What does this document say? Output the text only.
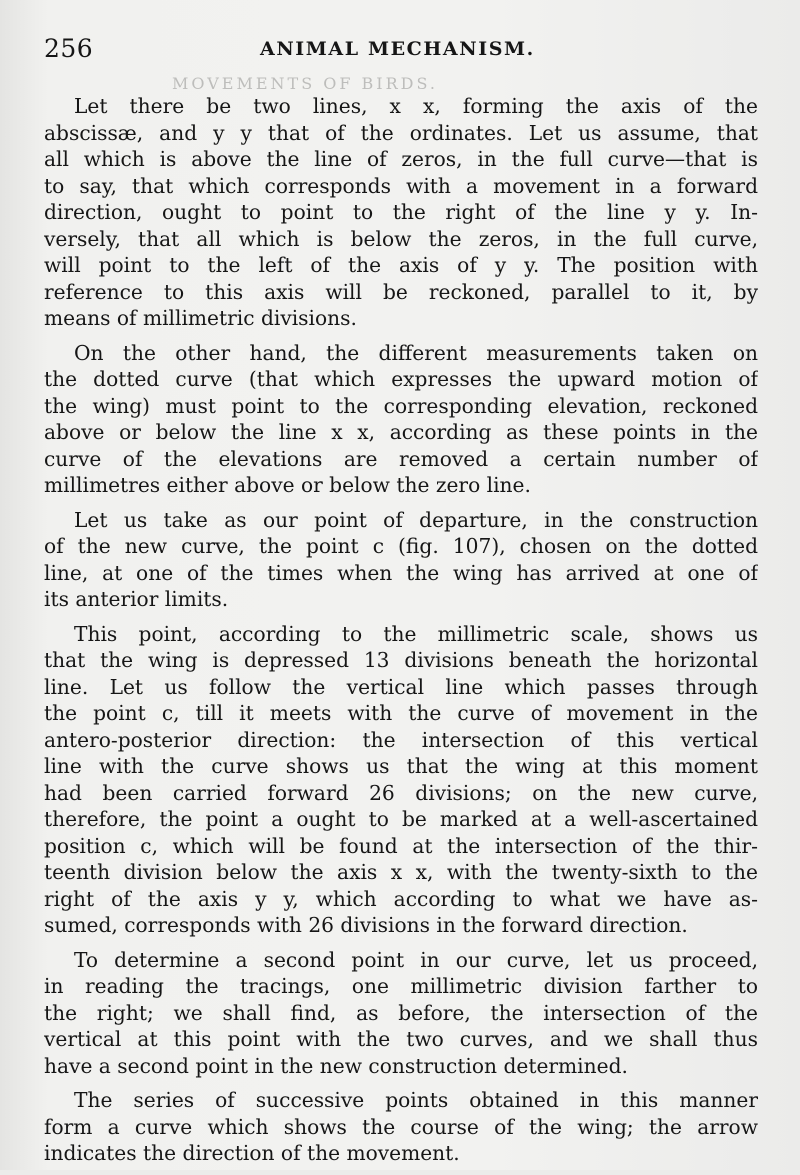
256
MOVEMENTS OF BIRDS.
ANIMAL MECHANISM.
Let there be two lines, x x, forming the axis of the
abscissæ, and y y that of the ordinates. Let us assume, that
all which is above the line of zeros, in the full curve—that is
to say, that which corresponds with a movement in a forward
direction, ought to point to the right of the line y y. In-
versely, that all which is below the zeros, in the full curve,
will point to the left of the axis of y y. The position with
reference to this axis will be reckoned, parallel to it, by
means of millimetric divisions.
On the other hand, the different measurements taken on
the dotted curve (that which expresses the upward motion of
the wing) must point to the corresponding elevation, reckoned
above or below the line x x, according as these points in the
curve of the elevations are removed a certain number of
millimetres either above or below the zero line.
Let us take as our point of departure, in the construction
of the new curve, the point c (fig. 107), chosen on the dotted
line, at one of the times when the wing has arrived at one of
its anterior limits.
This point, according to the millimetric scale, shows us
that the wing is depressed 13 divisions beneath the horizontal
line. Let us follow the vertical line which passes through
the point c, till it meets with the curve of movement in the
antero-posterior direction: the intersection of this vertical
line with the curve shows us that the wing at this moment
had been carried forward 26 divisions; on the new curve,
therefore, the point a ought to be marked at a well-ascertained
position c, which will be found at the intersection of the thir-
teenth division below the axis x x, with the twenty-sixth to the
right of the axis y y, which according to what we have as-
sumed, corresponds with 26 divisions in the forward direction.
To determine a second point in our curve, let us proceed,
in reading the tracings, one millimetric division farther to
the right; we shall find, as before, the intersection of the
vertical at this point with the two curves, and we shall thus
have a second point in the new construction determined.
The series of successive points obtained in this manner
form a curve which shows the course of the wing; the arrow
indicates the direction of the movement.
